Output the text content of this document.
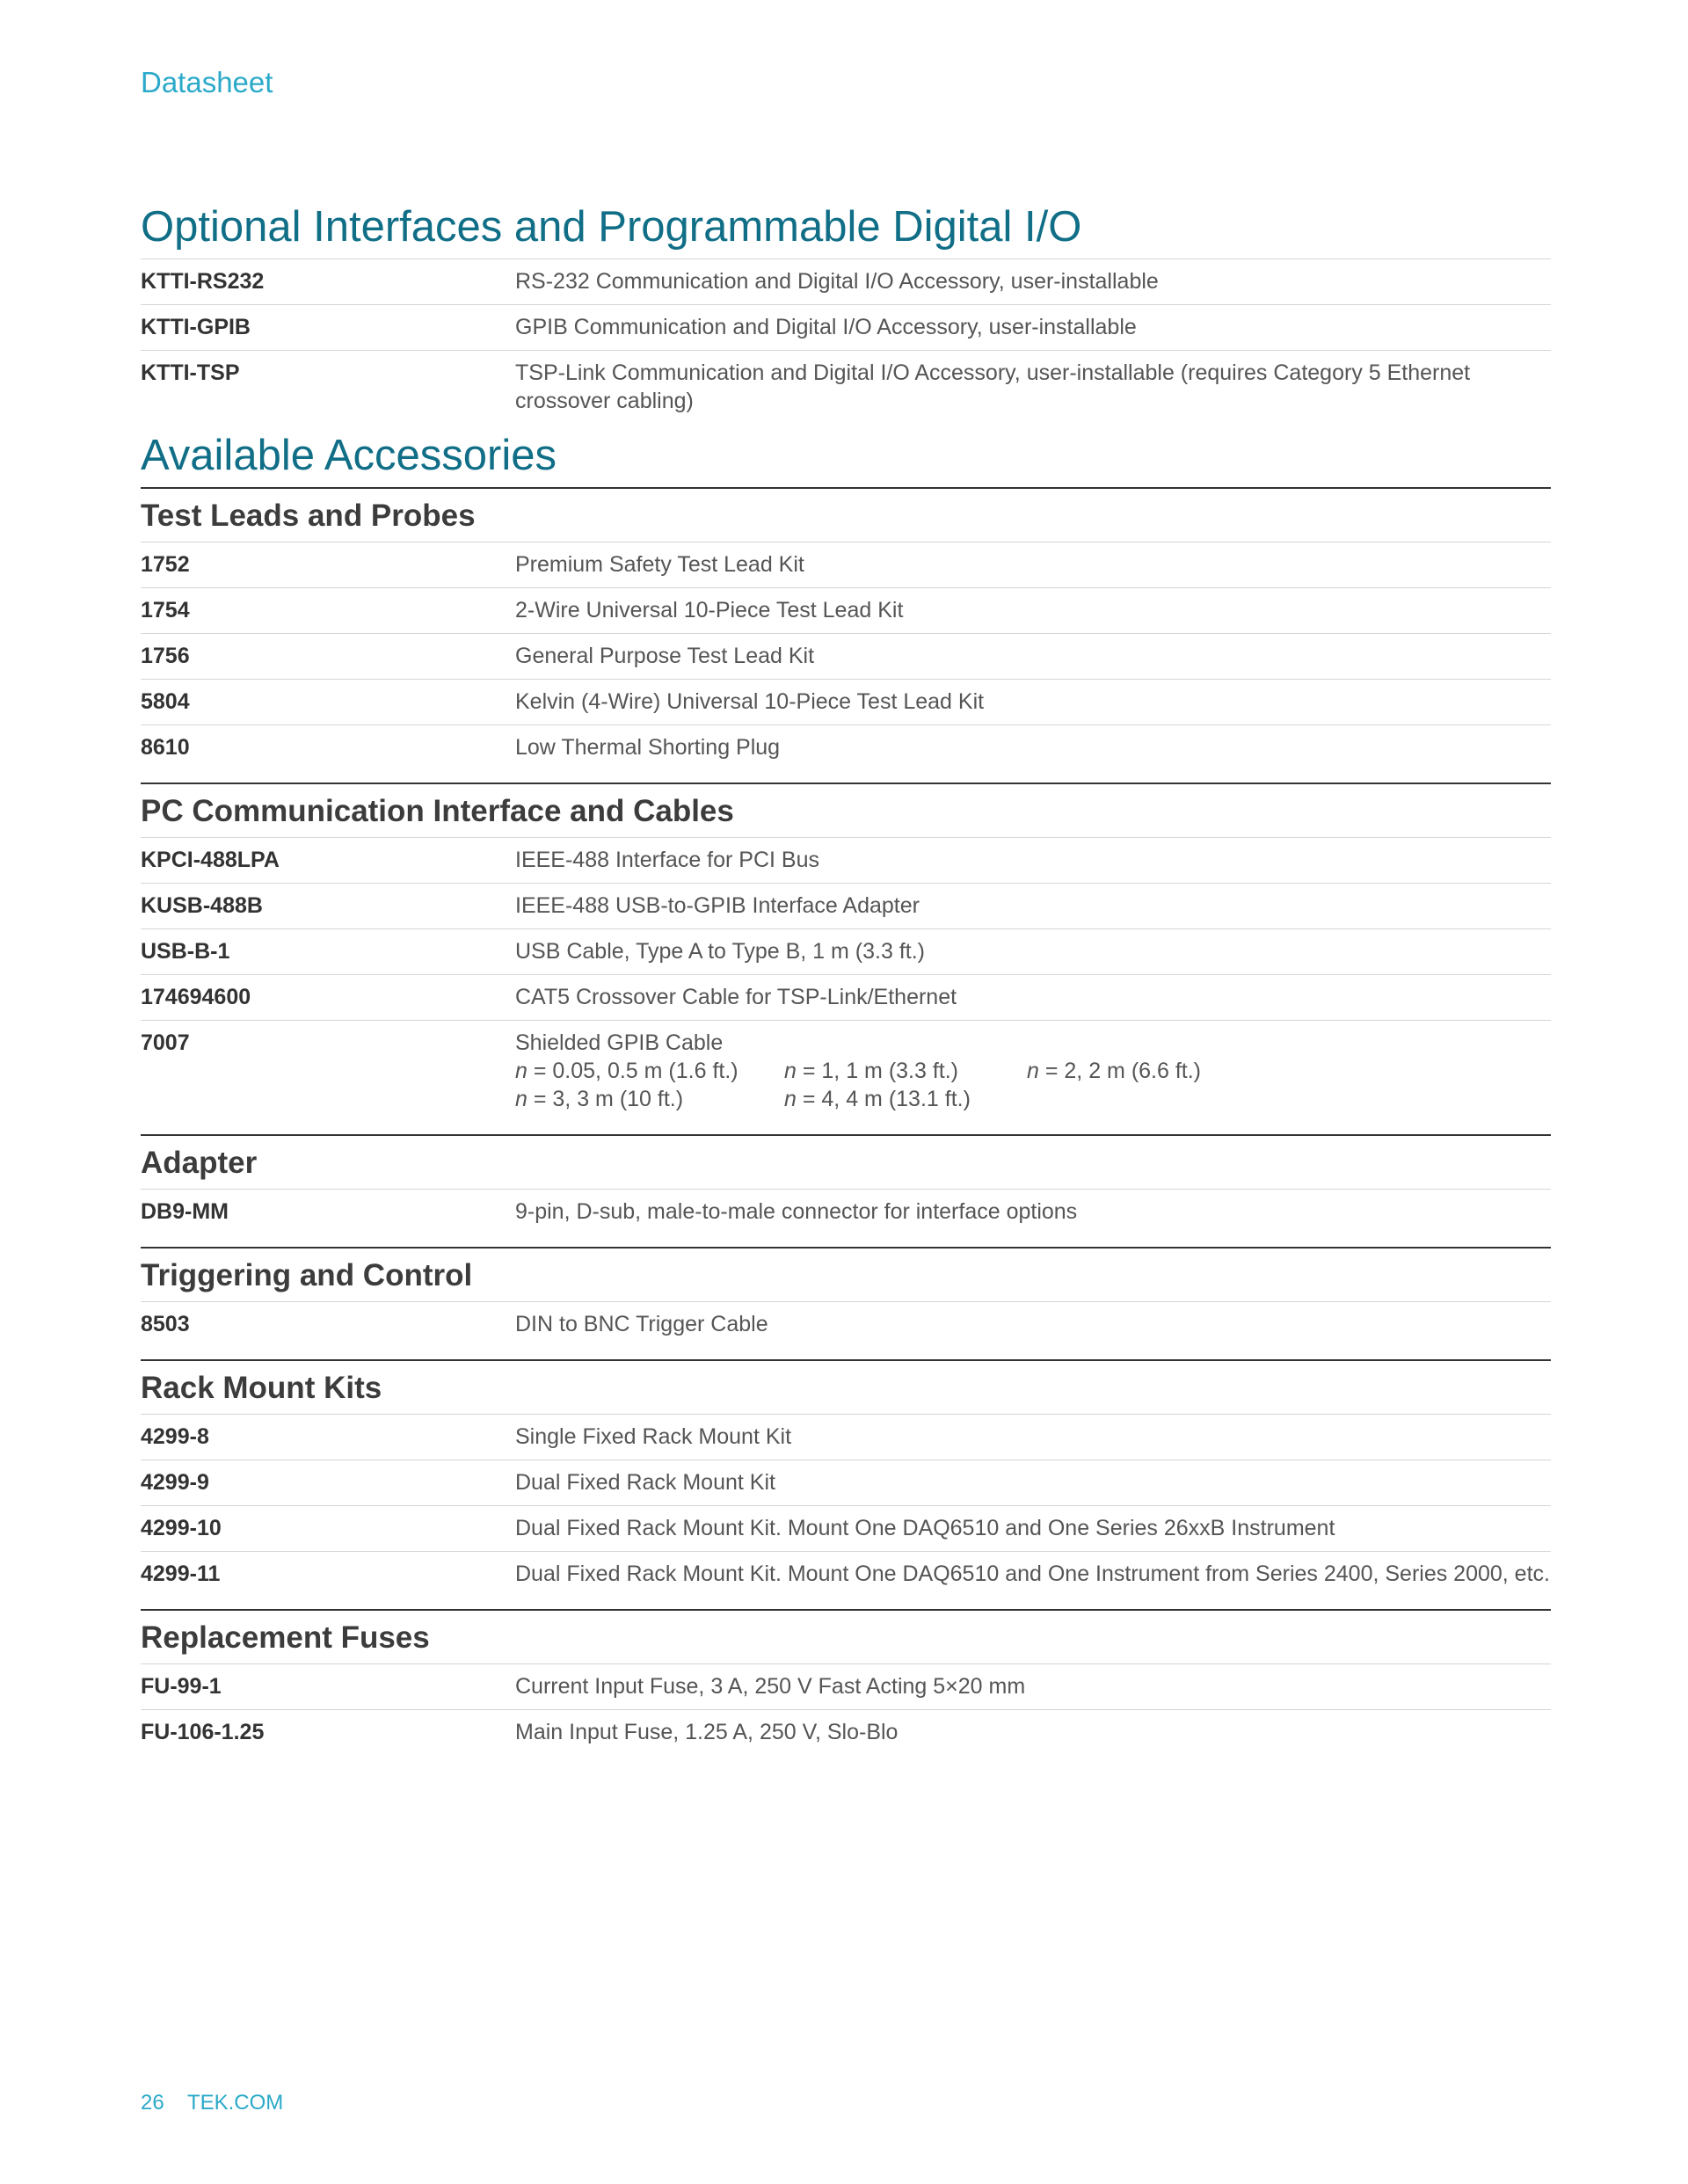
Datasheet
Optional Interfaces and Programmable Digital I/O
KTTI-RS232	RS-232 Communication and Digital I/O Accessory, user-installable
KTTI-GPIB	GPIB Communication and Digital I/O Accessory, user-installable
KTTI-TSP	TSP-Link Communication and Digital I/O Accessory, user-installable (requires Category 5 Ethernet crossover cabling)
Available Accessories
Test Leads and Probes
1752	Premium Safety Test Lead Kit
1754	2-Wire Universal 10-Piece Test Lead Kit
1756	General Purpose Test Lead Kit
5804	Kelvin (4-Wire) Universal 10-Piece Test Lead Kit
8610	Low Thermal Shorting Plug
PC Communication Interface and Cables
KPCI-488LPA	IEEE-488 Interface for PCI Bus
KUSB-488B	IEEE-488 USB-to-GPIB Interface Adapter
USB-B-1	USB Cable, Type A to Type B, 1 m (3.3 ft.)
174694600	CAT5 Crossover Cable for TSP-Link/Ethernet
7007	Shielded GPIB Cable
n = 0.05, 0.5 m (1.6 ft.)	n = 1, 1 m (3.3 ft.)	n = 2, 2 m (6.6 ft.)
n = 3, 3 m (10 ft.)	n = 4, 4 m (13.1 ft.)
Adapter
DB9-MM	9-pin, D-sub, male-to-male connector for interface options
Triggering and Control
8503	DIN to BNC Trigger Cable
Rack Mount Kits
4299-8	Single Fixed Rack Mount Kit
4299-9	Dual Fixed Rack Mount Kit
4299-10	Dual Fixed Rack Mount Kit. Mount One DAQ6510 and One Series 26xxB Instrument
4299-11	Dual Fixed Rack Mount Kit. Mount One DAQ6510 and One Instrument from Series 2400, Series 2000, etc.
Replacement Fuses
FU-99-1	Current Input Fuse, 3 A, 250 V Fast Acting 5×20 mm
FU-106-1.25	Main Input Fuse, 1.25 A, 250 V, Slo-Blo
26 TEK.COM
